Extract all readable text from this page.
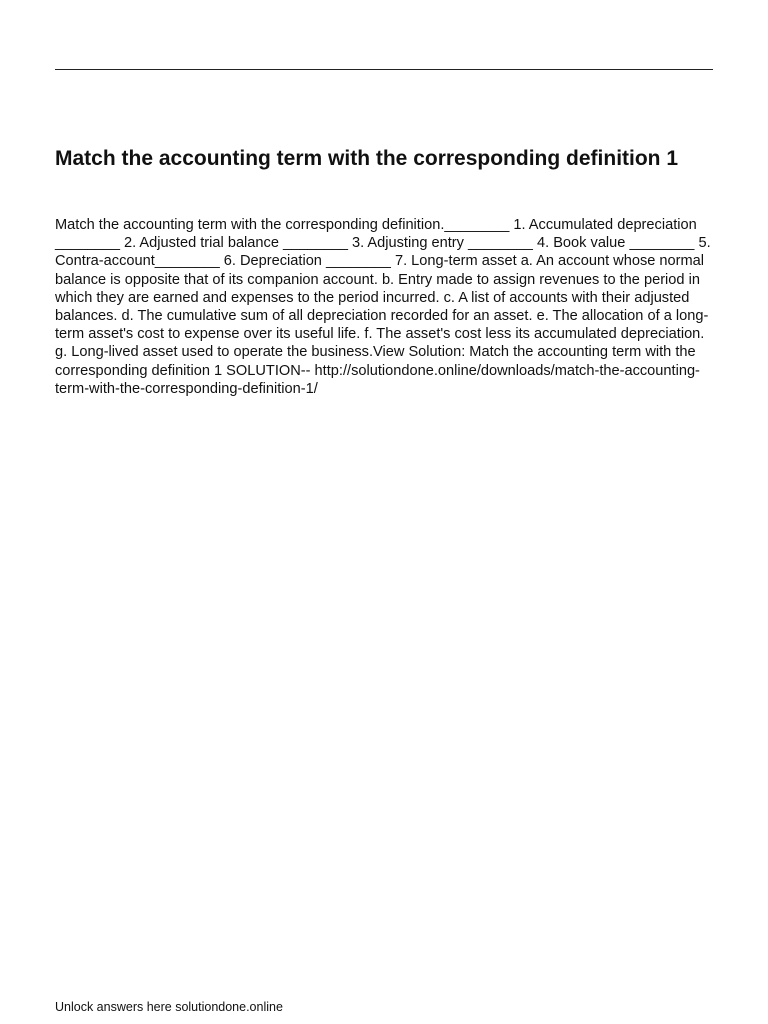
Match the accounting term with the corresponding definition 1

Match the accounting term with the corresponding definition.________ 1. Accumulated depreciation ________ 2. Adjusted trial balance ________ 3. Adjusting entry ________ 4. Book value ________ 5. Contra-account________ 6. Depreciation ________ 7. Long-term asset a. An account whose normal balance is opposite that of its companion account. b. Entry made to assign revenues to the period in which they are earned and expenses to the period incurred. c. A list of accounts with their adjusted balances. d. The cumulative sum of all depreciation recorded for an asset. e. The allocation of a long-term asset's cost to expense over its useful life. f. The asset's cost less its accumulated depreciation. g. Long-lived asset used to operate the business.View Solution: Match the accounting term with the corresponding definition 1 SOLUTION-- http://solutiondone.online/downloads/match-the-accounting-term-with-the-corresponding-definition-1/

Unlock answers here solutiondone.online
